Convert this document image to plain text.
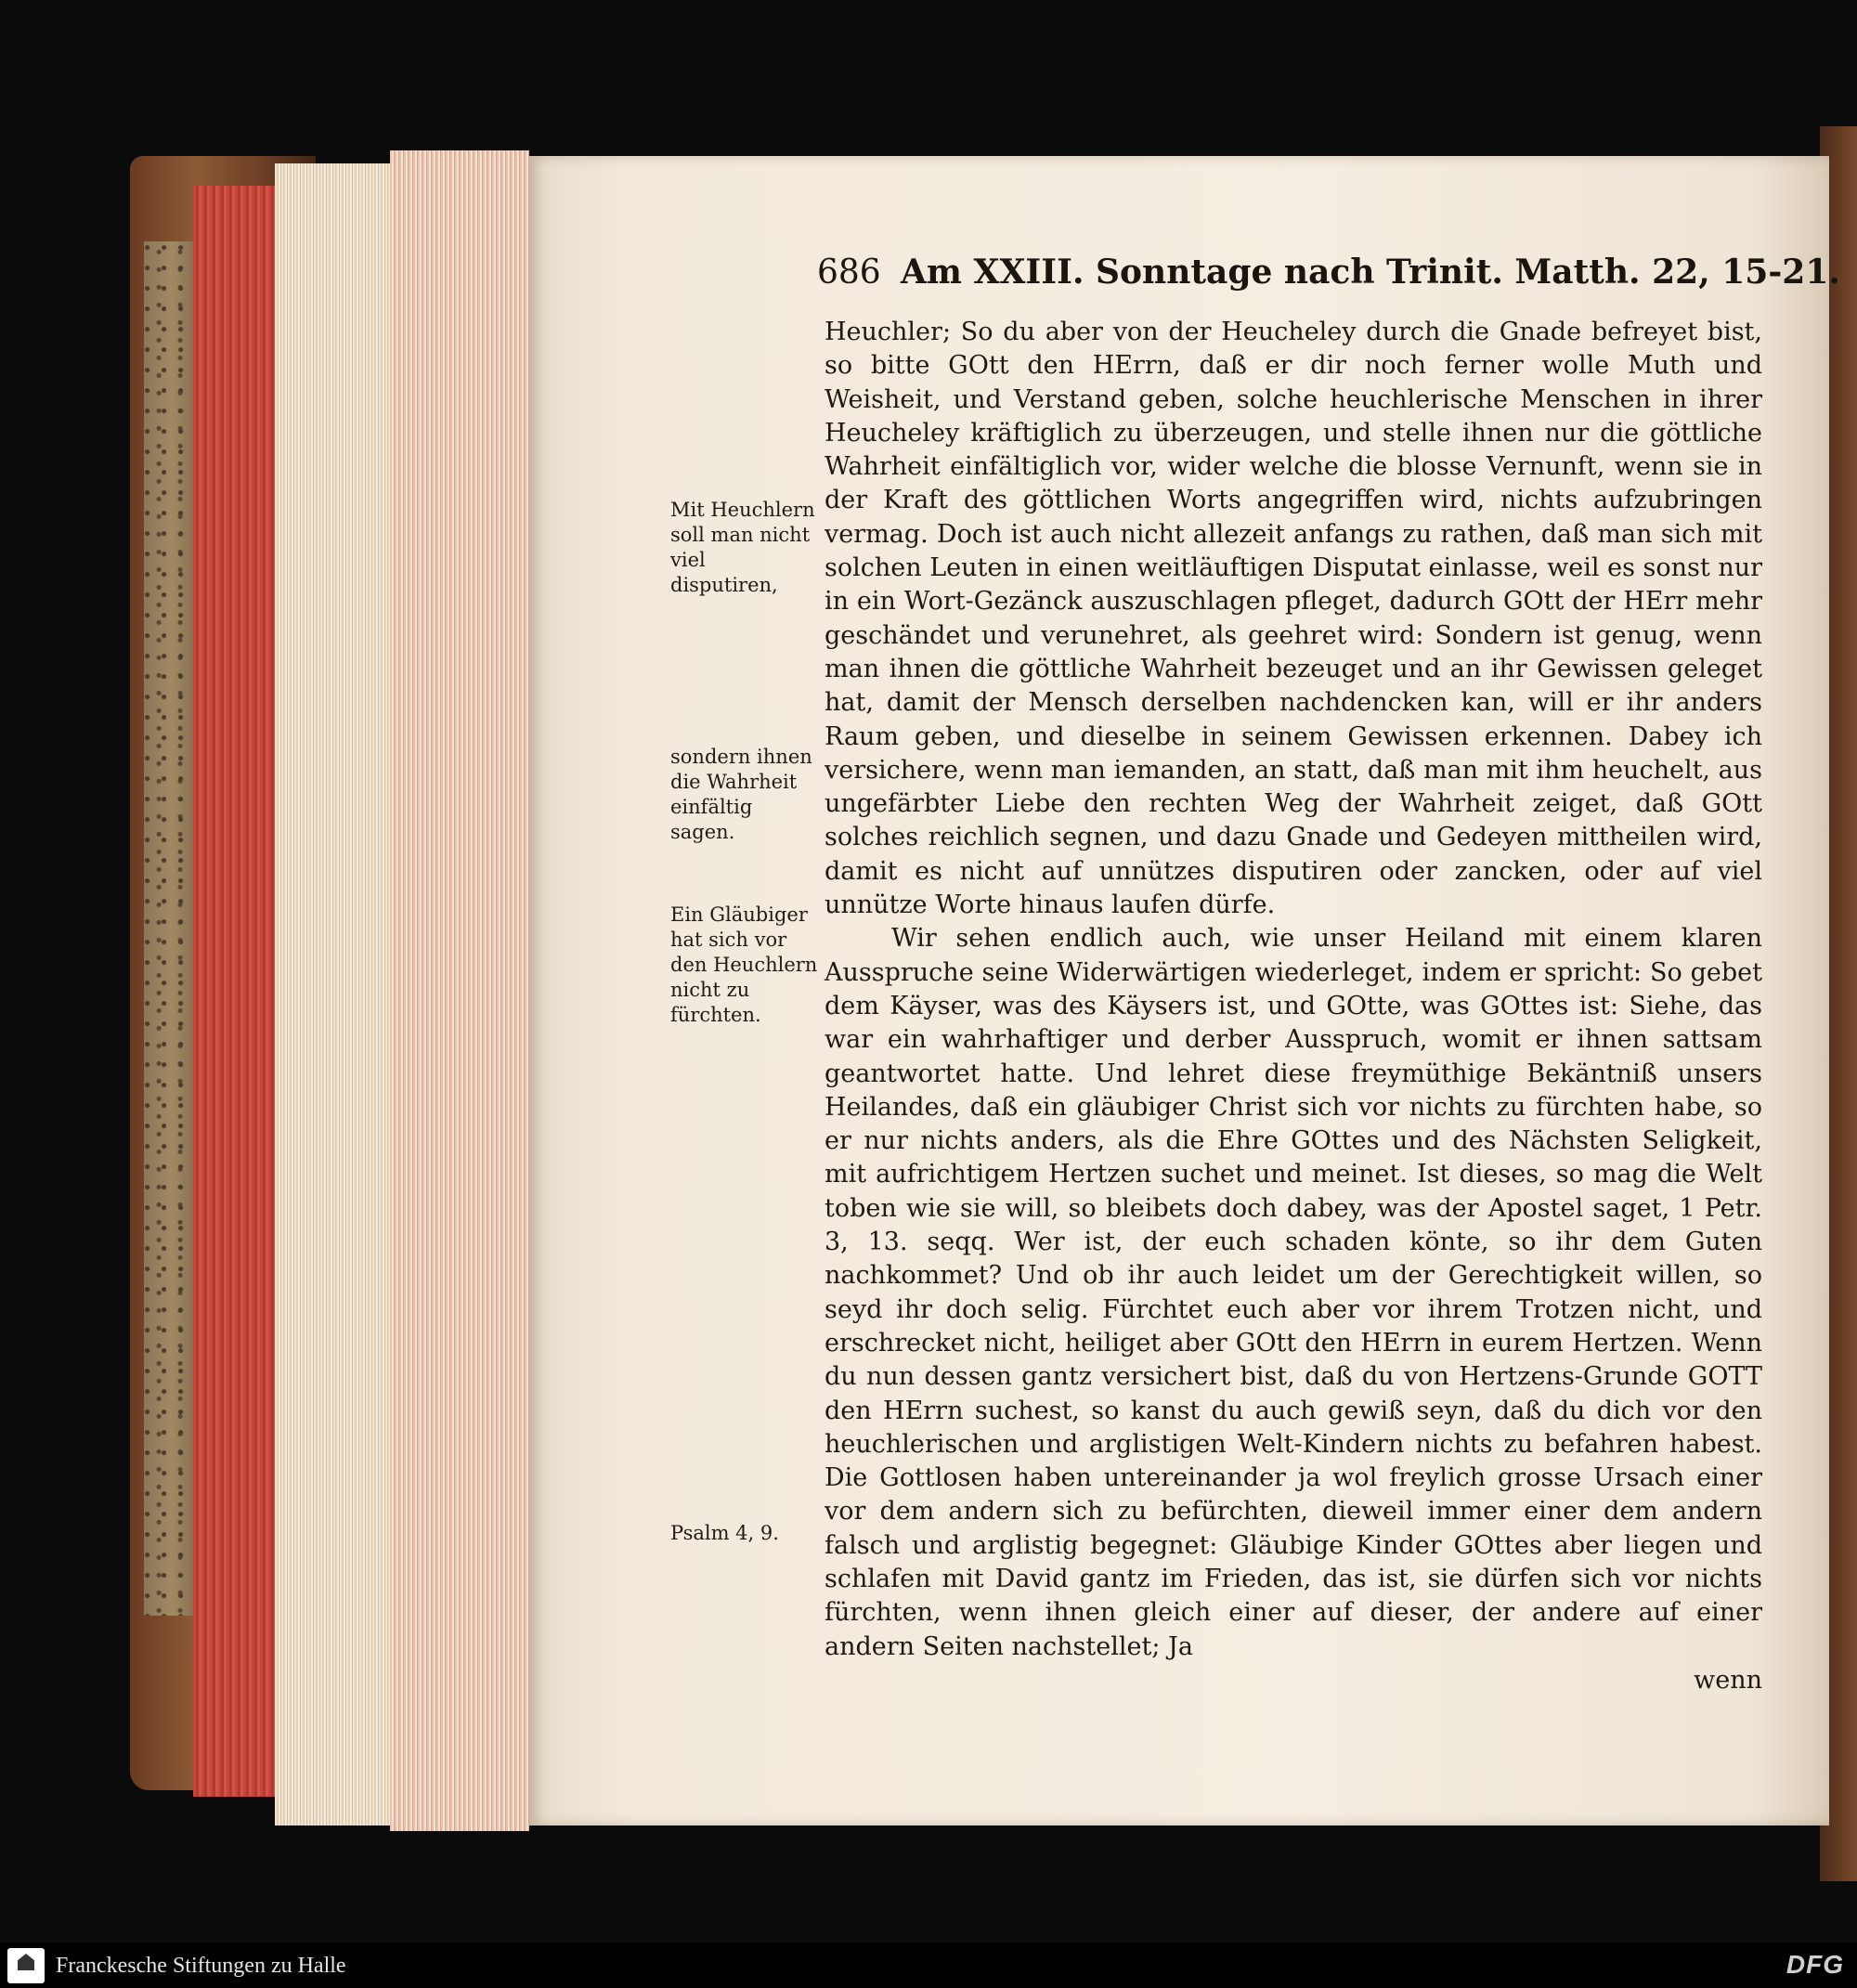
686 Am XXIII. Sonntage nach Trinit. Matth. 22, 15-21.
Mit Heuchlern soll man nicht viel disputiren,
sondern ihnen die Wahrheit einfältig sagen.
Ein Gläubiger hat sich vor den Heuchlern nicht zu fürchten.
Psalm 4, 9.

Heuchler; So du aber von der Heucheley durch die Gnade befreyet bist, so bitte GOtt den HErrn, daß er dir noch ferner wolle Muth und Weisheit, und Verstand geben, solche heuchlerische Menschen in ihrer Heucheley kräftiglich zu überzeugen, und stelle ihnen nur die göttliche Wahrheit einfältiglich vor, wider welche die blosse Vernunft, wenn sie in der Kraft des göttlichen Worts angegriffen wird, nichts aufzubringen vermag. Doch ist auch nicht allezeit anfangs zu rathen, daß man sich mit solchen Leuten in einen weitläuftigen Disputat einlasse, weil es sonst nur in ein Wort-Gezänck auszuschlagen pfleget, dadurch GOtt der HErr mehr geschändet und verunehret, als geehret wird: Sondern ist genug, wenn man ihnen die göttliche Wahrheit bezeuget und an ihr Gewissen geleget hat, damit der Mensch derselben nachdencken kan, will er ihr anders Raum geben, und dieselbe in seinem Gewissen erkennen. Dabey ich versichere, wenn man iemanden, an statt, daß man mit ihm heuchelt, aus ungefärbter Liebe den rechten Weg der Wahrheit zeiget, daß GOtt solches reichlich segnen, und dazu Gnade und Gedeyen mittheilen wird, damit es nicht auf unnützes disputiren oder zancken, oder auf viel unnütze Worte hinaus laufen dürfe.

Wir sehen endlich auch, wie unser Heiland mit einem klaren Ausspruche seine Widerwärtigen wiederleget, indem er spricht: So gebet dem Käyser, was des Käysers ist, und GOtte, was GOttes ist: Siehe, das war ein wahrhaftiger und derber Ausspruch, womit er ihnen sattsam geantwortet hatte. Und lehret diese freymüthige Bekäntniß unsers Heilandes, daß ein gläubiger Christ sich vor nichts zu fürchten habe, so er nur nichts anders, als die Ehre GOttes und des Nächsten Seligkeit, mit aufrichtigem Hertzen suchet und meinet. Ist dieses, so mag die Welt toben wie sie will, so bleibets doch dabey, was der Apostel saget, 1 Petr. 3, 13. seqq. Wer ist, der euch schaden könte, so ihr dem Guten nachkommet? Und ob ihr auch leidet um der Gerechtigkeit willen, so seyd ihr doch selig. Fürchtet euch aber vor ihrem Trotzen nicht, und erschrecket nicht, heiliget aber GOtt den HErrn in eurem Hertzen. Wenn du nun dessen gantz versichert bist, daß du von Hertzens-Grunde GOTT den HErrn suchest, so kanst du auch gewiß seyn, daß du dich vor den heuchlerischen und arglistigen Welt-Kindern nichts zu befahren habest. Die Gottlosen haben untereinander ja wol freylich grosse Ursach einer vor dem andern sich zu befürchten, dieweil immer einer dem andern falsch und arglistig begegnet: Gläubige Kinder GOttes aber liegen und schlafen mit David gantz im Frieden, das ist, sie dürfen sich vor nichts fürchten, wenn ihnen gleich einer auf dieser, der andere auf einer andern Seiten nachstellet; Ja

wenn

Franckesche Stiftungen zu Halle	DFG
